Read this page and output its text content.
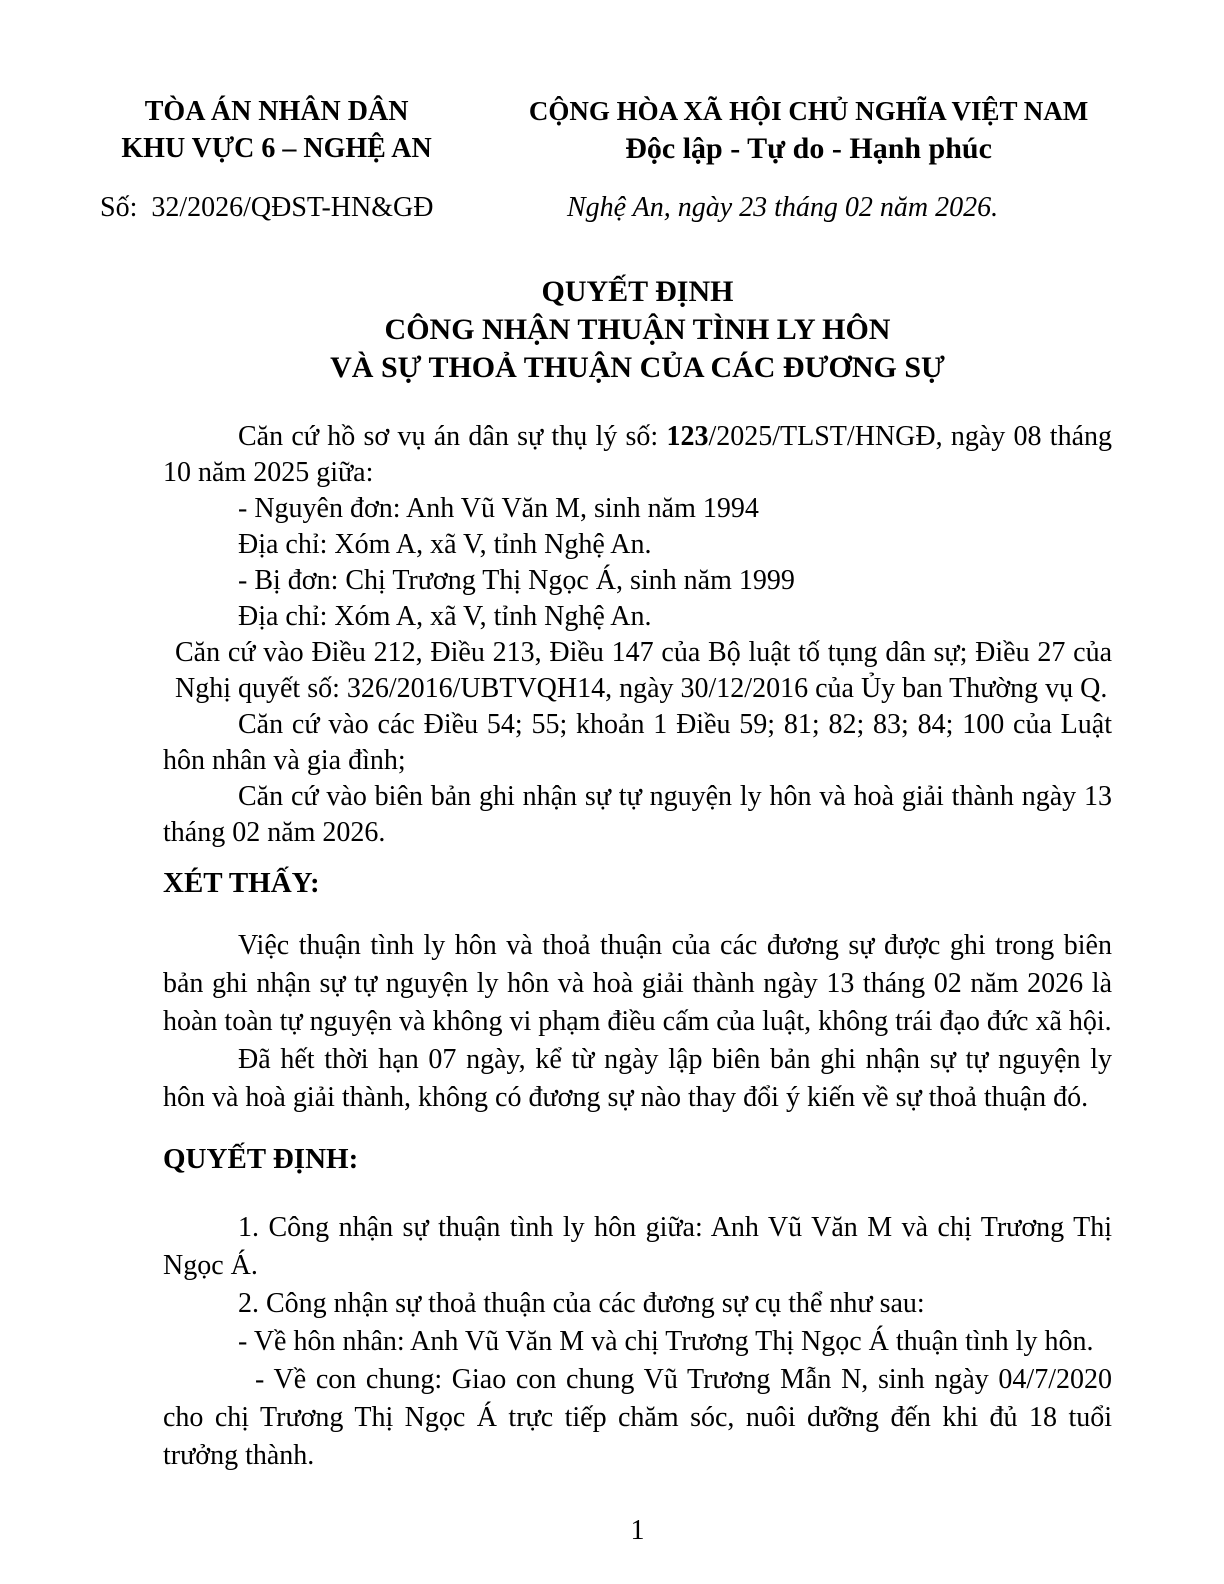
TÒA ÁN NHÂN DÂN
KHU VỰC 6 – NGHỆ AN
CỘNG HÒA XÃ HỘI CHỦ NGHĨA VIỆT NAM
Độc lập - Tự do - Hạnh phúc
Số:  32/2026/QĐST-HN&GĐ	Nghệ An, ngày 23 tháng 02 năm 2026.
QUYẾT ĐỊNH
CÔNG NHẬN THUẬN TÌNH LY HÔN
VÀ SỰ THOẢ THUẬN CỦA CÁC ĐƯƠNG SỰ

Căn cứ hồ sơ vụ án dân sự thụ lý số: 123/2025/TLST/HNGĐ, ngày 08 tháng 10 năm 2025 giữa:

- Nguyên đơn: Anh Vũ Văn M, sinh năm 1994

Địa chỉ: Xóm A, xã V, tỉnh Nghệ An.

- Bị đơn: Chị Trương Thị Ngọc Á, sinh năm 1999

Địa chỉ: Xóm A, xã V, tỉnh Nghệ An.

Căn cứ vào Điều 212, Điều 213, Điều 147 của Bộ luật tố tụng dân sự; Điều 27 của Nghị quyết số: 326/2016/UBTVQH14, ngày 30/12/2016 của Ủy ban Thường vụ Q.

Căn cứ vào các Điều 54; 55; khoản 1 Điều 59; 81; 82; 83; 84; 100 của Luật hôn nhân và gia đình;

Căn cứ vào biên bản ghi nhận sự tự nguyện ly hôn và hoà giải thành ngày 13 tháng 02 năm 2026.

XÉT THẤY:

Việc thuận tình ly hôn và thoả thuận của các đương sự được ghi trong biên bản ghi nhận sự tự nguyện ly hôn và hoà giải thành ngày 13 tháng 02 năm 2026 là hoàn toàn tự nguyện và không vi phạm điều cấm của luật, không trái đạo đức xã hội.

Đã hết thời hạn 07 ngày, kể từ ngày lập biên bản ghi nhận sự tự nguyện ly hôn và hoà giải thành, không có đương sự nào thay đổi ý kiến về sự thoả thuận đó.

QUYẾT ĐỊNH:

1. Công nhận sự thuận tình ly hôn giữa: Anh Vũ Văn M và chị Trương Thị Ngọc Á.

2. Công nhận sự thoả thuận của các đương sự cụ thể như sau:

- Về hôn nhân: Anh Vũ Văn M và chị Trương Thị Ngọc Á thuận tình ly hôn.

- Về con chung: Giao con chung Vũ Trương Mẫn N, sinh ngày 04/7/2020 cho chị Trương Thị Ngọc Á trực tiếp chăm sóc, nuôi dưỡng đến khi đủ 18 tuổi trưởng thành.

1
